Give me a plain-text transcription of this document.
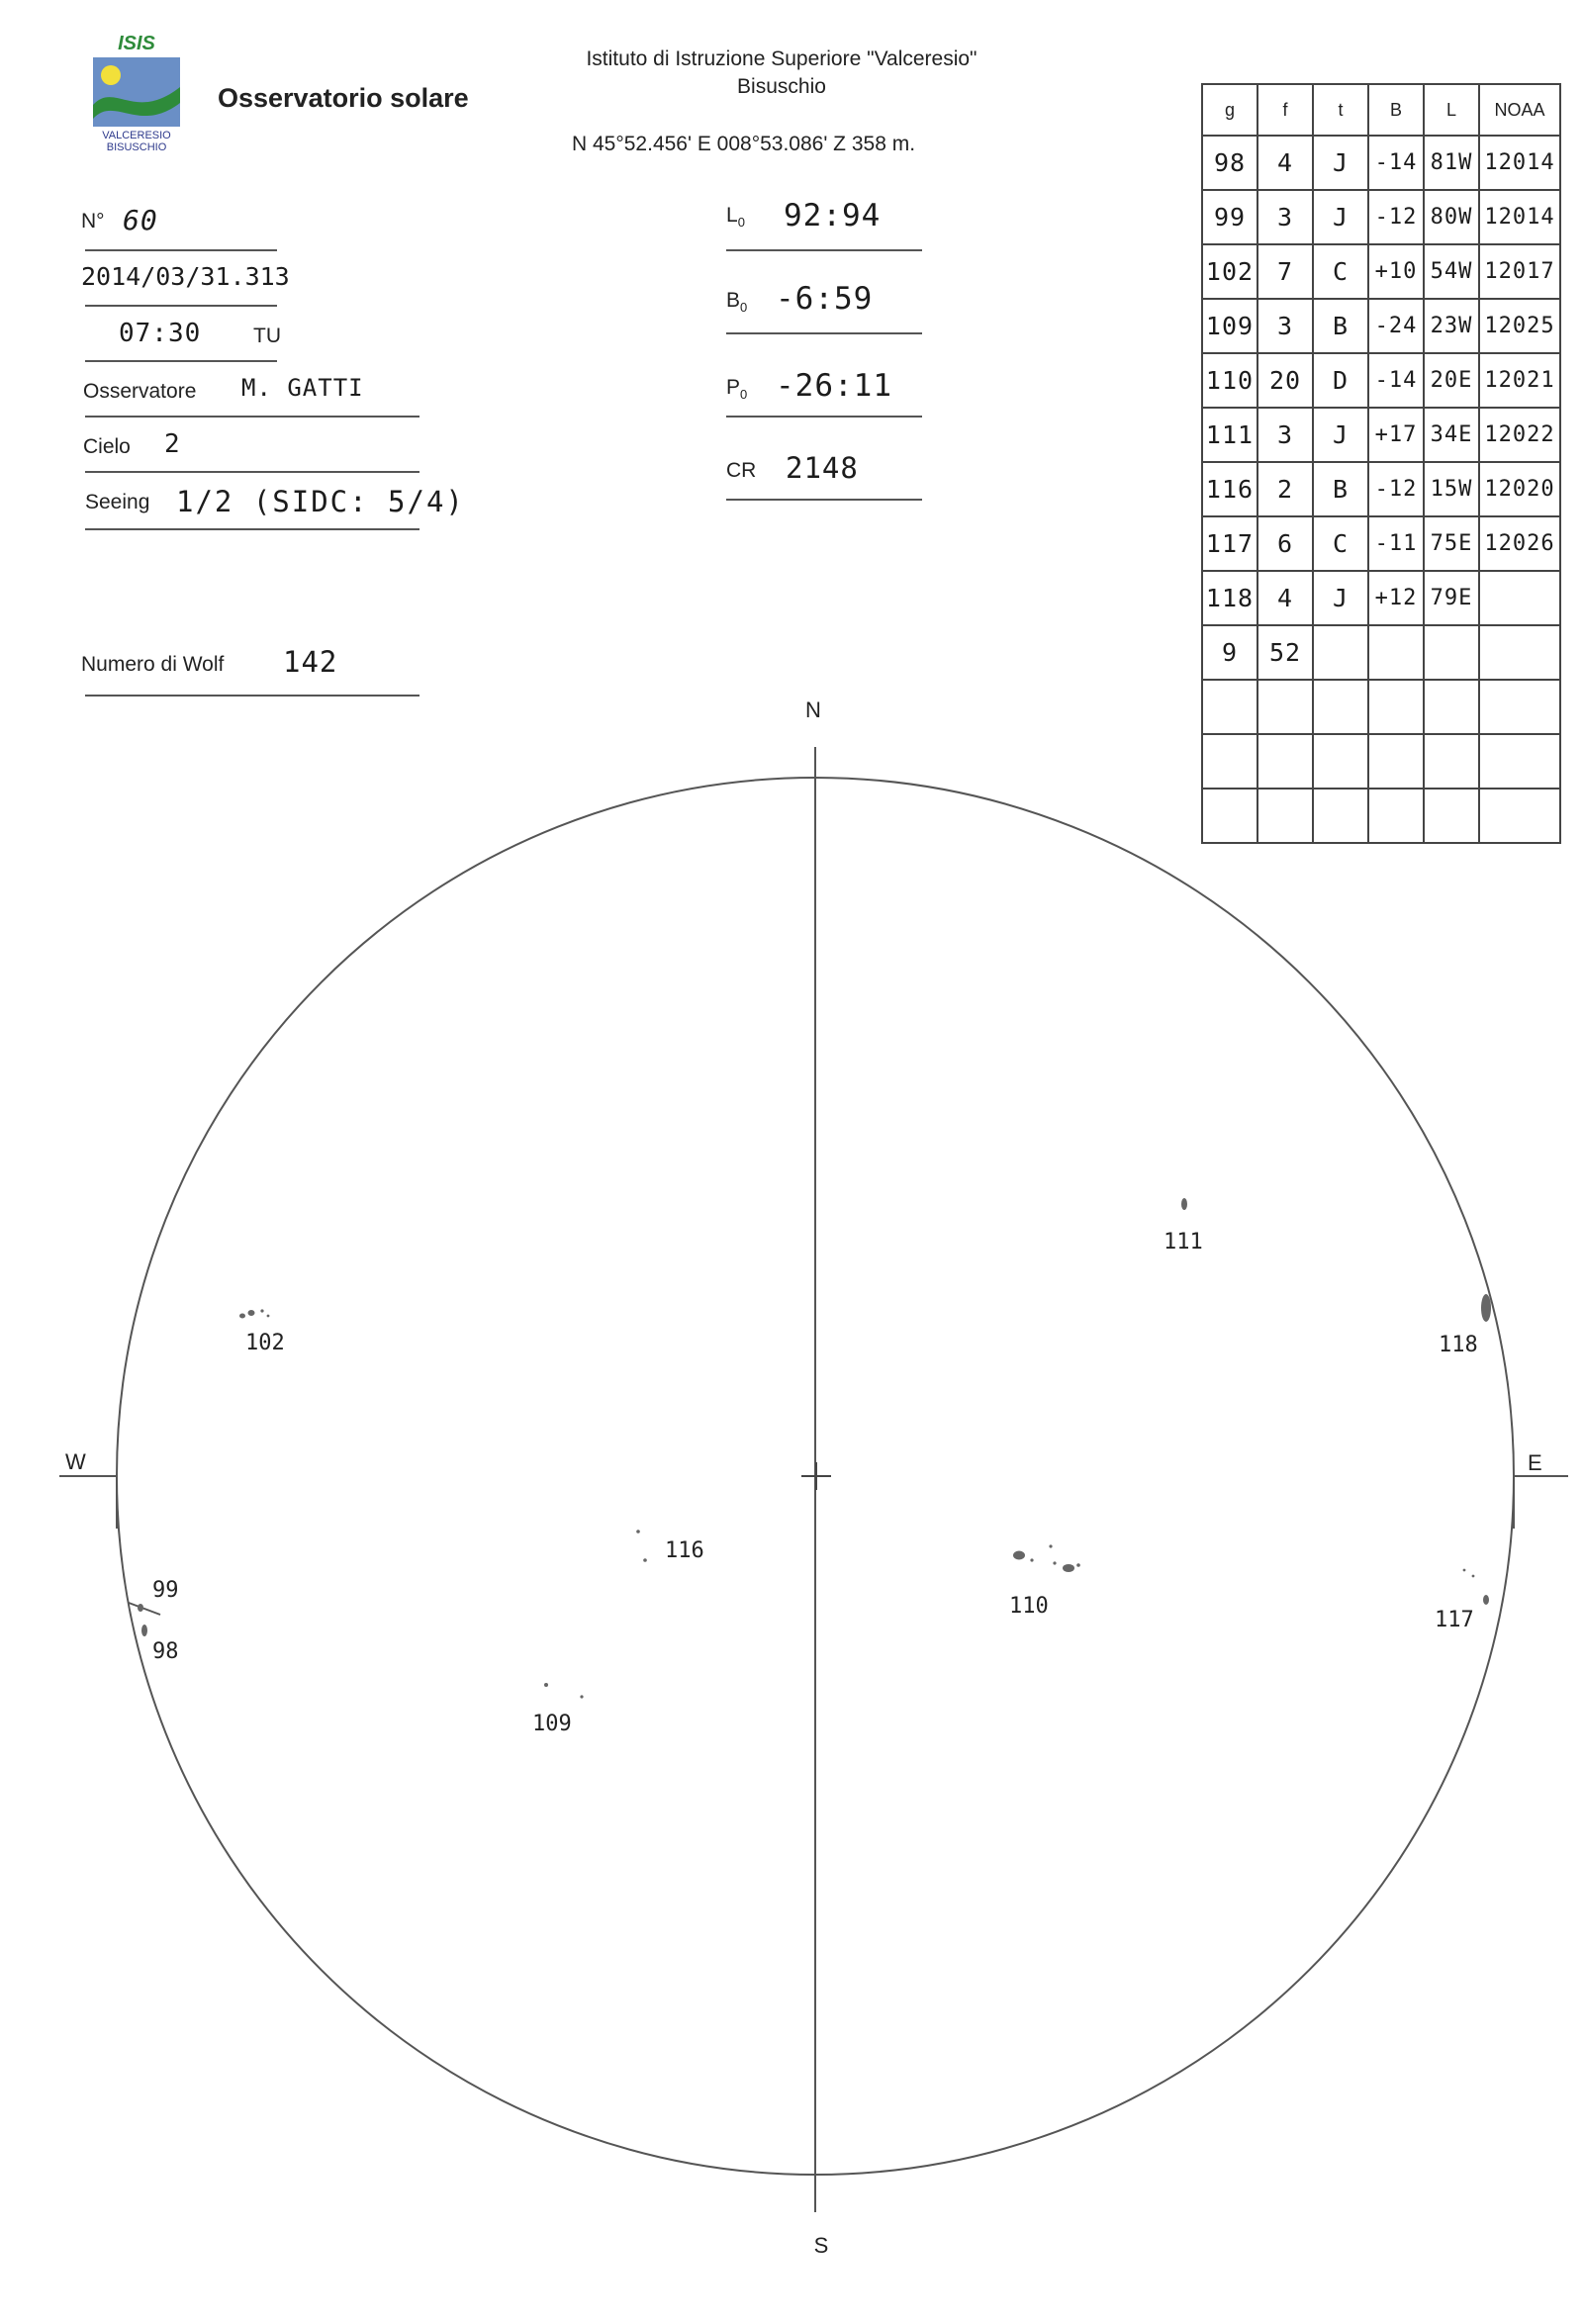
ISIS
VALCERESIO
BISUSCHIO
Osservatorio solare
Istituto di Istruzione Superiore "Valceresio"
Bisuschio
N 45°52.456' E 008°53.086' Z 358 m.
N° 60
2014/03/31.313
07:30	TU
Osservatore M. GATTI
Cielo 2
Seeing 1/2 (SIDC: 5/4)
Numero di Wolf 142
$L_0$ 92:94
$B_0$ -6:59
$P_0$ -26:11
CR 2148
g	f	t	B	L	NOAA
98	4	J	-14	81W	12014
99	3	J	-12	80W	12014
102	7	C	+10	54W	12017
109	3	B	-24	23W	12025
110	20	D	-14	20E	12021
111	3	J	+17	34E	12022
116	2	B	-12	15W	12020
117	6	C	-11	75E	12026
118	4	J	+12	79E	
9	52				

N
S
W	E
102
111
118
116
110
99
98
117
109
